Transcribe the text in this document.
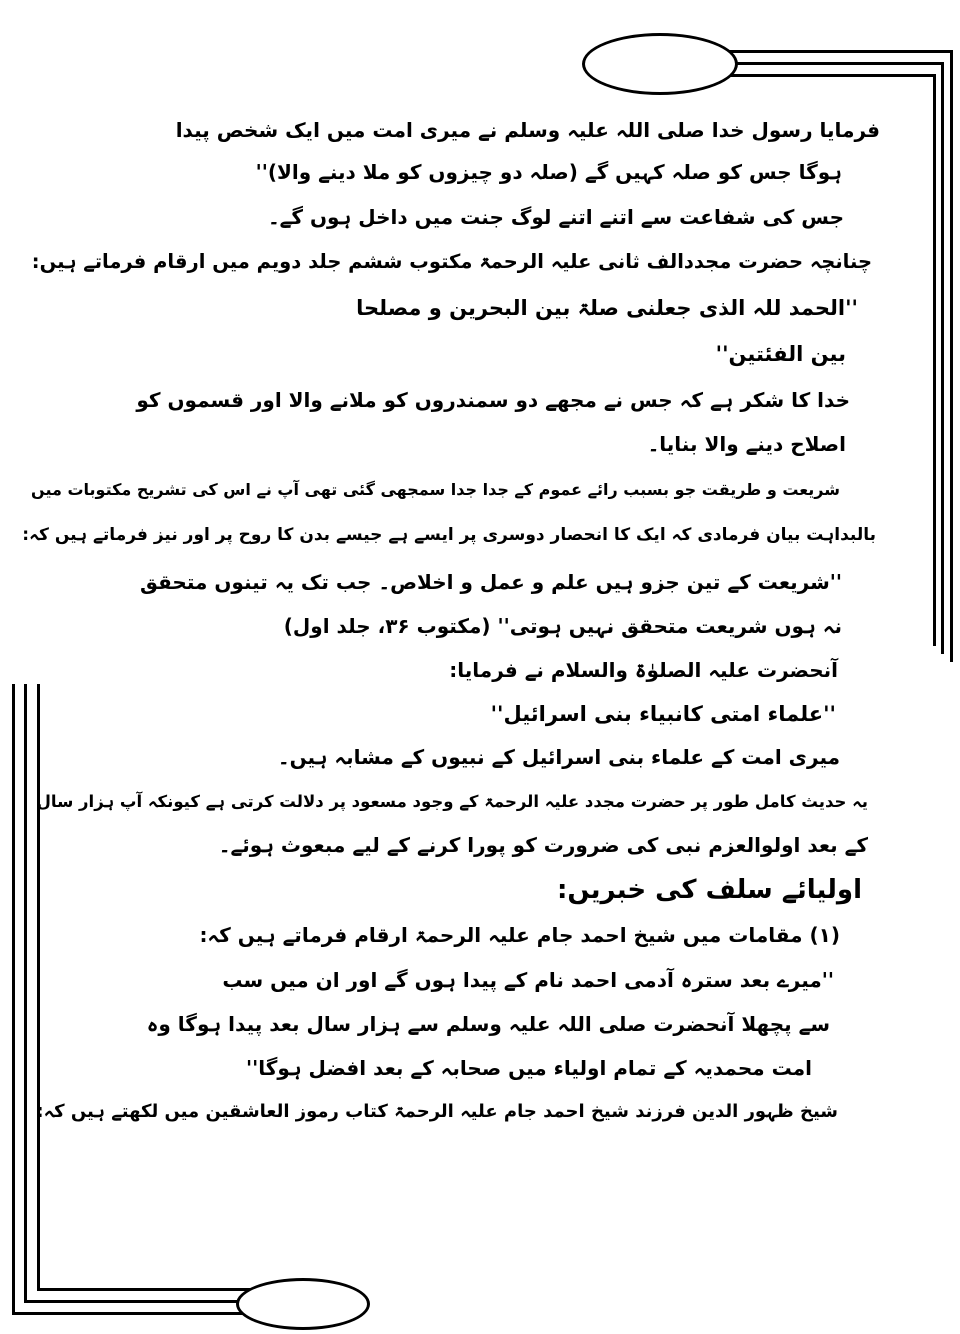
فرمایا رسول خدا صلی اللہ علیہ وسلم نے میری امت میں ایک شخص پیدا
ہوگا جس کو صلہ کہیں گے (صلہ دو چیزوں کو ملا دینے والا)''
جس کی شفاعت سے اتنے اتنے لوگ جنت میں داخل ہوں گے۔
چنانچہ حضرت مجددالف ثانی علیہ الرحمۃ مکتوب ششم جلد دویم میں ارقام فرماتے ہیں:
''الحمد للہ الذی جعلنی صلۃ بین البحرین و مصلحا
بین الفئتین''
خدا کا شکر ہے کہ جس نے مجھے دو سمندروں کو ملانے والا اور قسموں کو
اصلاح دینے والا بنایا۔
شریعت و طریقت جو بسبب رائے عموم کے جدا جدا سمجھی گئی تھی آپ نے اس کی تشریح مکتوبات میں
بالبداہت بیان فرمادی کہ ایک کا انحصار دوسری پر ایسے ہے جیسے بدن کا روح پر اور نیز فرماتے ہیں کہ:
''شریعت کے تین جزو ہیں علم و عمل و اخلاص۔ جب تک یہ تینوں متحقق
نہ ہوں شریعت متحقق نہیں ہوتی'' (مکتوب ۳۶، جلد اول)
آنحضرت علیہ الصلوٰۃ والسلام نے فرمایا:
''علماء امتی کانبیاء بنی اسرائیل''
میری امت کے علماء بنی اسرائیل کے نبیوں کے مشابہ ہیں۔
یہ حدیث کامل طور پر حضرت مجدد علیہ الرحمۃ کے وجود مسعود پر دلالت کرتی ہے کیونکہ آپ ہزار سال
کے بعد اولوالعزم نبی کی ضرورت کو پورا کرنے کے لیے مبعوث ہوئے۔
اولیائے سلف کی خبریں:
(۱) مقامات میں شیخ احمد جام علیہ الرحمۃ ارقام فرماتے ہیں کہ:
''میرے بعد سترہ آدمی احمد نام کے پیدا ہوں گے اور ان میں سب
سے پچھلا آنحضرت صلی اللہ علیہ وسلم سے ہزار سال بعد پیدا ہوگا وہ
امت محمدیہ کے تمام اولیاء میں صحابہ کے بعد افضل ہوگا''
شیخ ظہور الدین فرزند شیخ احمد جام علیہ الرحمۃ کتاب رموز العاشقین میں لکھتے ہیں کہ:
